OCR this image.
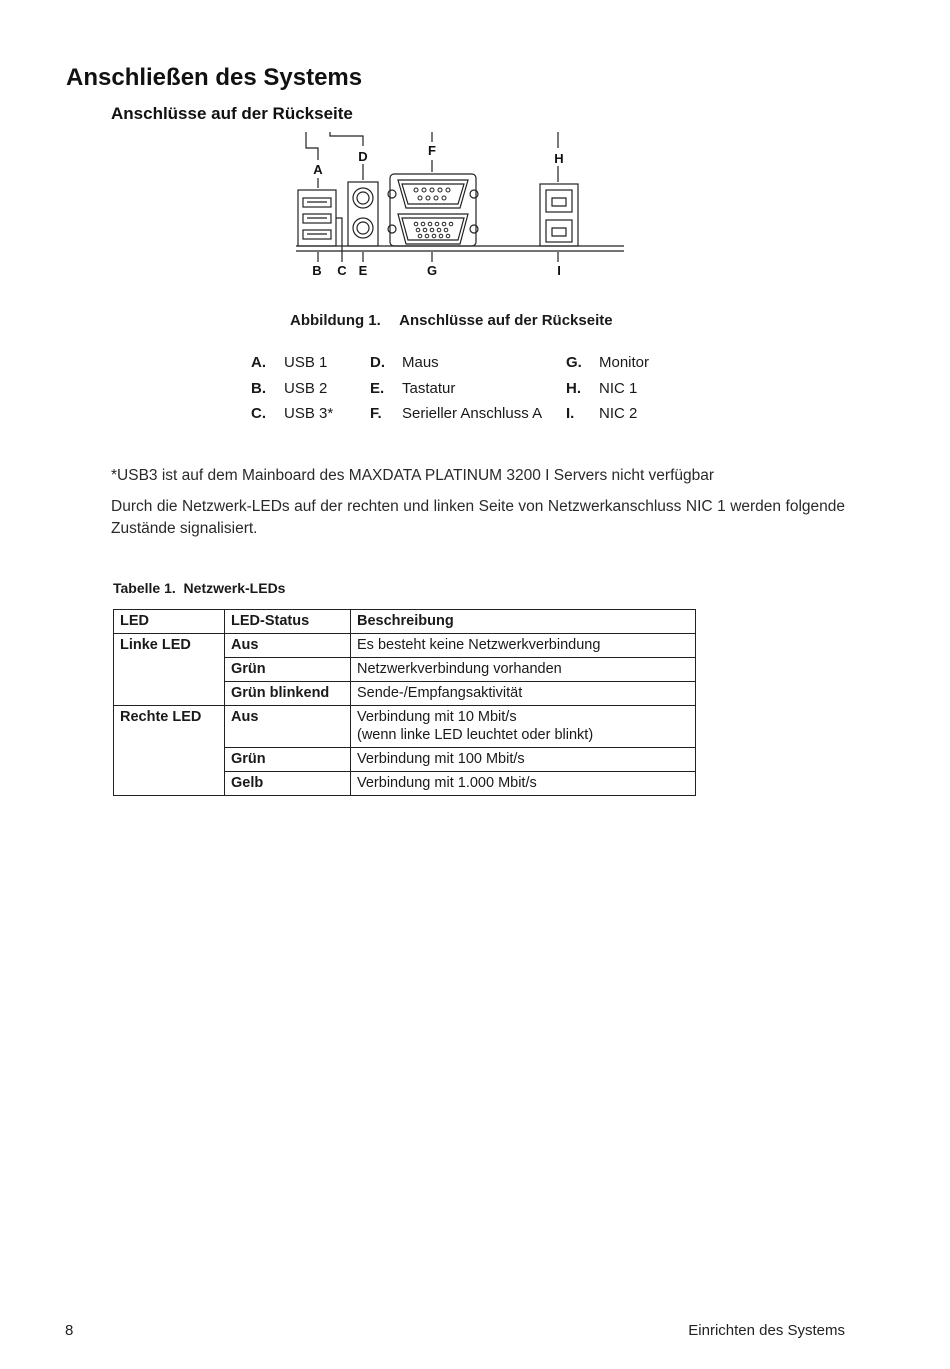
Anschließen des Systems
Anschlüsse auf der Rückseite
A
D	F
H
B C E	G	I
Abbildung 1. Anschlüsse auf der Rückseite
A. USB 1
B. USB 2
C. USB 3*
D. Maus
E. Tastatur
F. Serieller Anschluss A
G. Monitor
H. NIC 1
I. NIC 2
*USB3 ist auf dem Mainboard des MAXDATA PLATINUM 3200 I Servers nicht verfügbar
Durch die Netzwerk-LEDs auf der rechten und linken Seite von Netzwerkanschluss NIC 1 werden folgende Zustände signalisiert.
Tabelle 1.  Netzwerk-LEDs
LED	LED-Status	Beschreibung
Linke LED	Aus	Es besteht keine Netzwerkverbindung
	Grün	Netzwerkverbindung vorhanden
	Grün blinkend	Sende-/Empfangsaktivität
Rechte LED	Aus	Verbindung mit 10 Mbit/s
(wenn linke LED leuchtet oder blinkt)

	Grün	Verbindung mit 100 Mbit/s
	Gelb	Verbindung mit 1.000 Mbit/s
8	Einrichten des Systems
